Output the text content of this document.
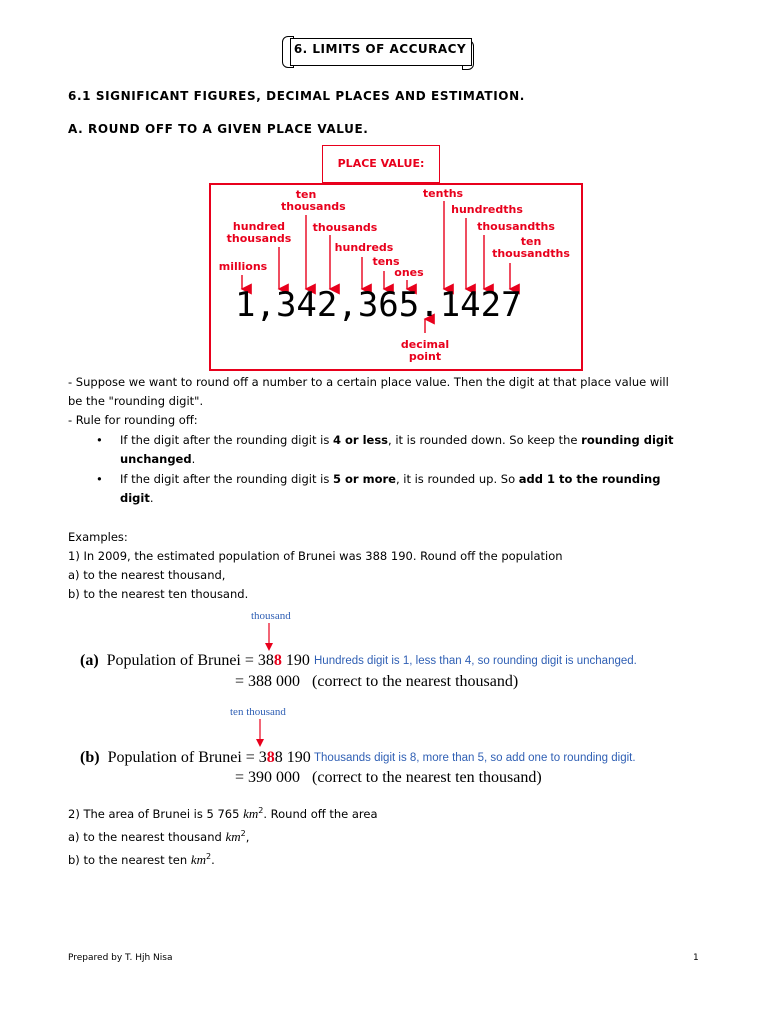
6. LIMITS OF ACCURACY
6.1 SIGNIFICANT FIGURES, DECIMAL PLACES AND ESTIMATION.
A. ROUND OFF TO A GIVEN PLACE VALUE.
PLACE VALUE:
ten
thousands
hundred
thousands
millions
thousands
hundreds
tens
ones
tenths
hundredths
thousandths
ten
thousandths
1,342,365.1427
decimal
point
- Suppose we want to round off a number to a certain place value. Then the digit at that place value will
be the "rounding digit".
- Rule for rounding off:
• If the digit after the rounding digit is 4 or less, it is rounded down. So keep the rounding digit
unchanged.
• If the digit after the rounding digit is 5 or more, it is rounded up. So add 1 to the rounding
digit.
Examples:
1) In 2009, the estimated population of Brunei was 388 190. Round off the population
a) to the nearest thousand,
b) to the nearest ten thousand.
thousand
(a) Population of Brunei = 388 190 Hundreds digit is 1, less than 4, so rounding digit is unchanged.
= 388 000 (correct to the nearest thousand)
ten thousand
(b) Population of Brunei = 388 190 Thousands digit is 8, more than 5, so add one to rounding digit.
= 390 000 (correct to the nearest ten thousand)
2) The area of Brunei is 5 765 $km^2$. Round off the area
a) to the nearest thousand $km^2$,
b) to the nearest ten $km^2$.
Prepared by T. Hjh Nisa	1
